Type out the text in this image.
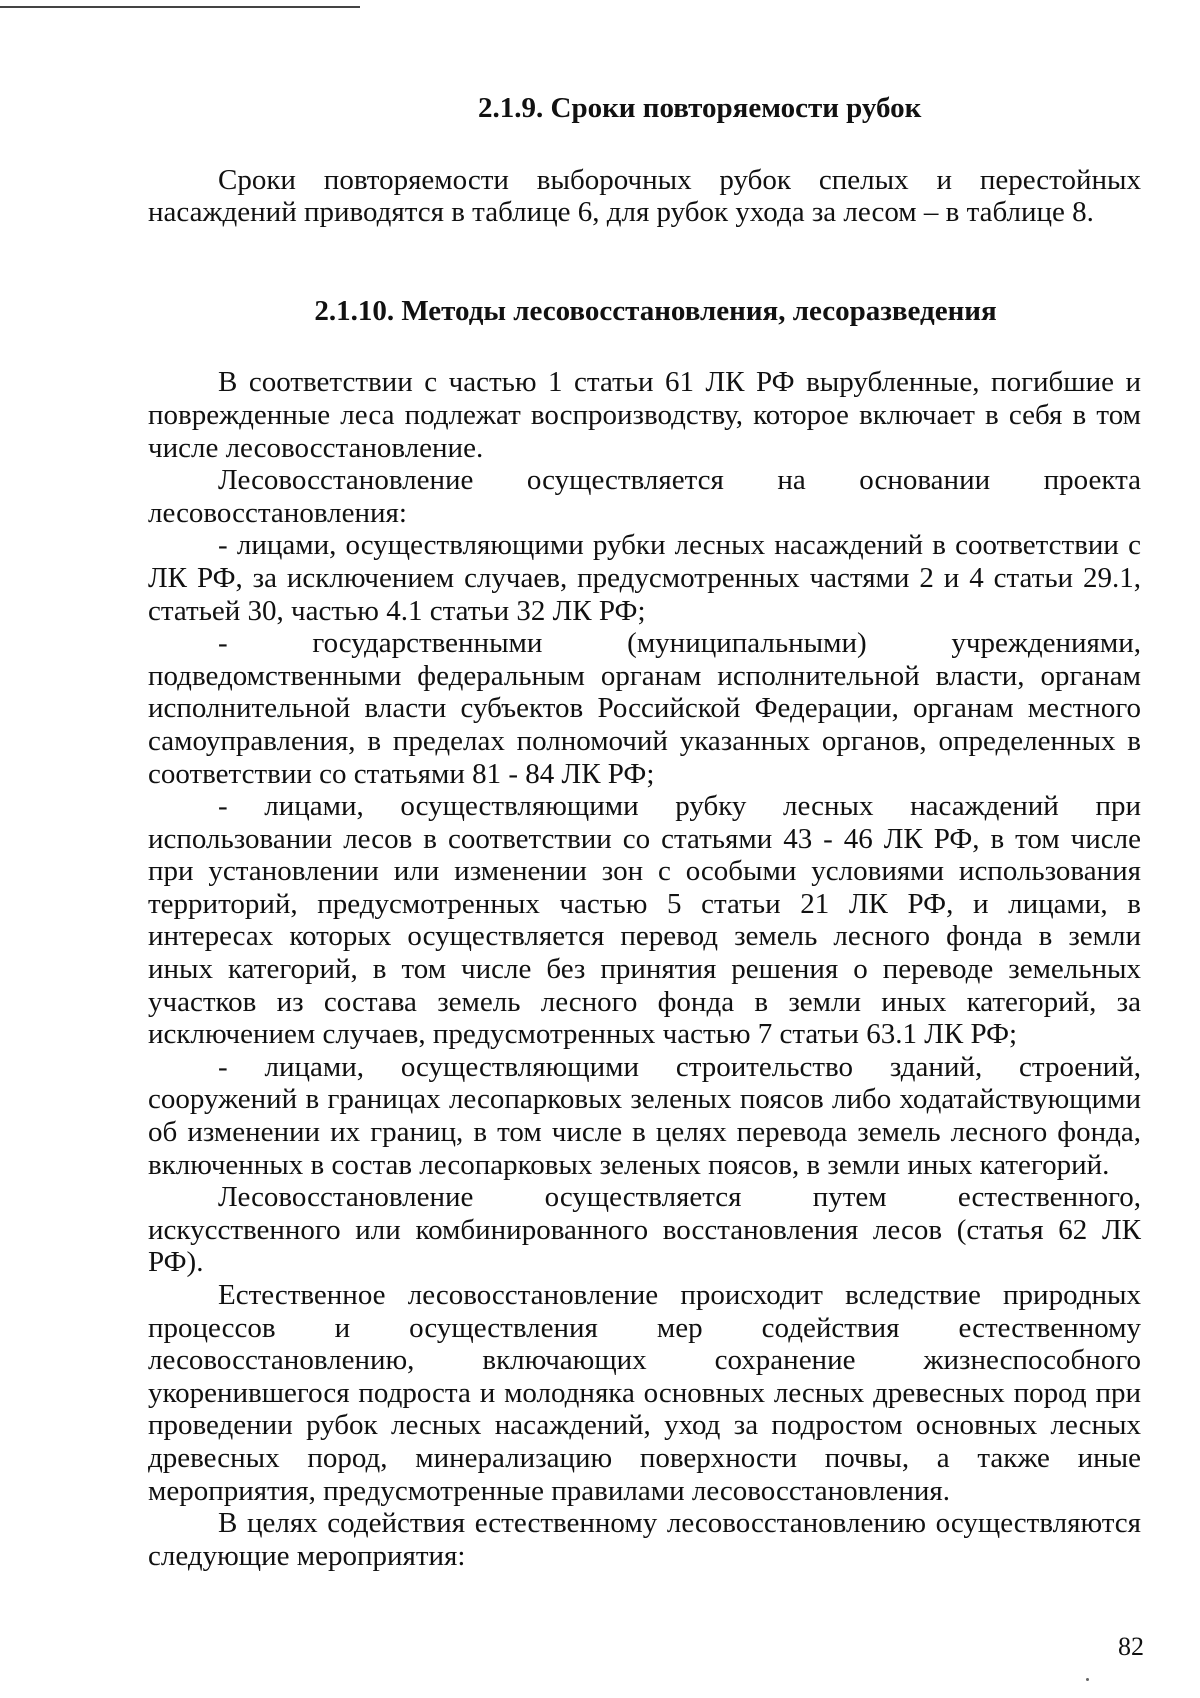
2.1.9. Сроки повторяемости рубок

Сроки повторяемости выборочных рубок спелых и перестойных насаждений приводятся в таблице 6, для рубок ухода за лесом – в таблице 8.

2.1.10. Методы лесовосстановления, лесоразведения

В соответствии с частью 1 статьи 61 ЛК РФ вырубленные, погибшие и поврежденные леса подлежат воспроизводству, которое включает в себя в том числе лесовосстановление.

Лесовосстановление осуществляется на основании проекта лесовосстановления:

- лицами, осуществляющими рубки лесных насаждений в соответствии с ЛК РФ, за исключением случаев, предусмотренных частями 2 и 4 статьи 29.1, статьей 30, частью 4.1 статьи 32 ЛК РФ;

- государственными (муниципальными) учреждениями, подведомственными федеральным органам исполнительной власти, органам исполнительной власти субъектов Российской Федерации, органам местного самоуправления, в пределах полномочий указанных органов, определенных в соответствии со статьями 81 - 84 ЛК РФ;

- лицами, осуществляющими рубку лесных насаждений при использовании лесов в соответствии со статьями 43 - 46 ЛК РФ, в том числе при установлении или изменении зон с особыми условиями использования территорий, предусмотренных частью 5 статьи 21 ЛК РФ, и лицами, в интересах которых осуществляется перевод земель лесного фонда в земли иных категорий, в том числе без принятия решения о переводе земельных участков из состава земель лесного фонда в земли иных категорий, за исключением случаев, предусмотренных частью 7 статьи 63.1 ЛК РФ;

- лицами, осуществляющими строительство зданий, строений, сооружений в границах лесопарковых зеленых поясов либо ходатайствующими об изменении их границ, в том числе в целях перевода земель лесного фонда, включенных в состав лесопарковых зеленых поясов, в земли иных категорий.

Лесовосстановление осуществляется путем естественного, искусственного или комбинированного восстановления лесов (статья 62 ЛК РФ).

Естественное лесовосстановление происходит вследствие природных процессов и осуществления мер содействия естественному лесовосстановлению, включающих сохранение жизнеспособного укоренившегося подроста и молодняка основных лесных древесных пород при проведении рубок лесных насаждений, уход за подростом основных лесных древесных пород, минерализацию поверхности почвы, а также иные мероприятия, предусмотренные правилами лесовосстановления.

В целях содействия естественному лесовосстановлению осуществляются следующие мероприятия:

82
